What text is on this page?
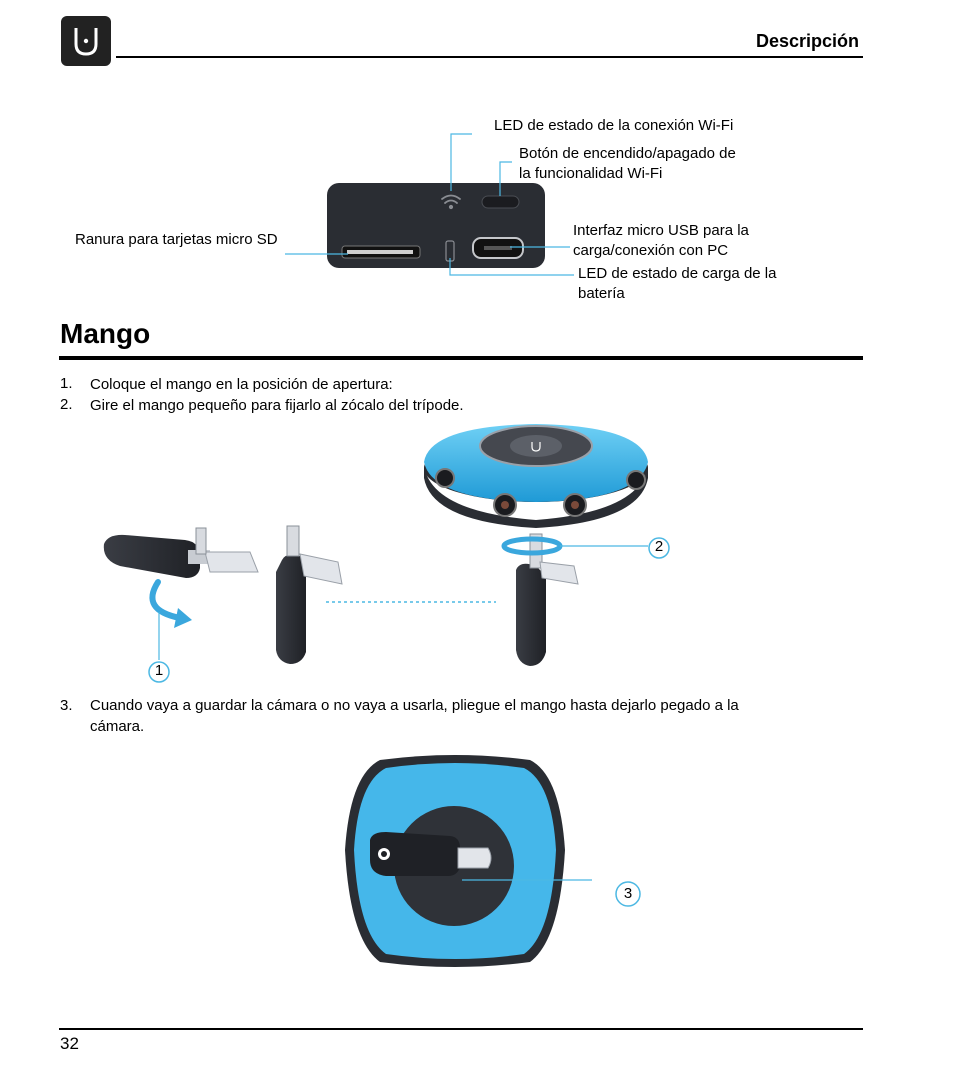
Descripción
LED de estado de la conexión Wi-Fi
Botón de encendido/apagado de
la funcionalidad Wi-Fi
Ranura para tarjetas micro SD
Interfaz micro USB para la
carga/conexión con PC
LED de estado de carga de la
batería
Mango
1. Coloque el mango en la posición de apertura:
2. Gire el mango pequeño para fijarlo al zócalo del trípode.
1
2
3. Cuando vaya a guardar la cámara o no vaya a usarla, pliegue el mango hasta dejarlo pegado a la
cámara.
3
32
